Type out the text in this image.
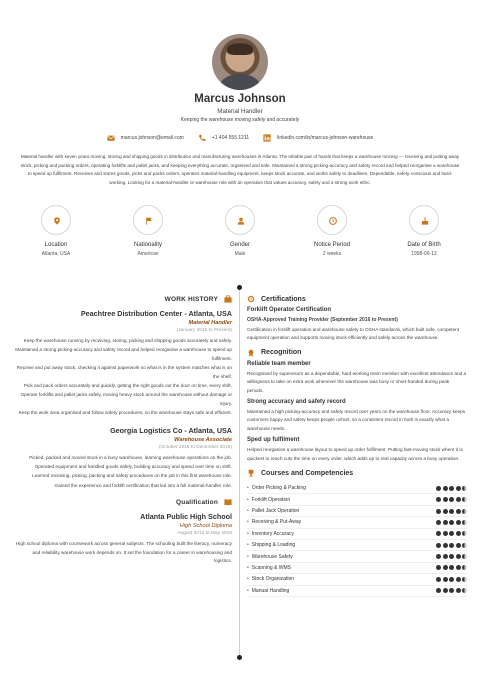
Marcus Johnson
Material Handler
Keeping the warehouse moving safely and accurately
marcus.johnson@email.com	+1 404 555 1211	linkedin.com/in/marcus-johnson-warehouse
Material handler with seven years moving, storing and shipping goods in distribution and manufacturing warehouses in Atlanta. The reliable pair of hands that keeps a warehouse running — receiving and putting away stock, picking and packing orders, operating forklifts and pallet jacks, and keeping everything accurate, organised and safe. Maintained a strong picking-accuracy and safety record and helped reorganise a warehouse to speed up fulfilment. Receives and stores goods, picks and packs orders, operates material-handling equipment, keeps stock accurate, and works safely to deadlines. Dependable, safety-conscious and hard-working. Looking for a material-handler or warehouse role with an operation that values accuracy, safety and a strong work ethic.
Location
Atlanta, USA
Nationality
American
Gender
Male
Notice Period
2 weeks
Date of Birth
1998-09-12
WORK HISTORY
Peachtree Distribution Center - Atlanta, USA
Material Handler
(January 2019 to Present)

Keep the warehouse running by receiving, storing, picking and shipping goods accurately and safely.

Maintained a strong picking-accuracy and safety record and helped reorganise a warehouse to speed up fulfilment.

Receive and put away stock, checking it against paperwork so what is in the system matches what is on the shelf.

Pick and pack orders accurately and quickly, getting the right goods out the door on time, every shift.

Operate forklifts and pallet jacks safely, moving heavy stock around the warehouse without damage or injury.

Keep the work area organised and follow safety procedures, so the warehouse stays safe and efficient.

Georgia Logistics Co - Atlanta, USA
Warehouse Associate
(October 2016 to December 2018)

Picked, packed and moved stock in a busy warehouse, learning warehouse operations on the job.

Operated equipment and handled goods safely, building accuracy and speed over time on shift.

Learned receiving, picking, packing and safety procedures on the job in this first warehouse role.

Gained the experience and forklift certification that led into a full material-handler role.

Qualification
Atlanta Public High School
High School Diploma
August 2012 to May 2016
High school diploma with coursework across general subjects. The schooling built the literacy, numeracy and reliability warehouse work depends on. It set the foundation for a career in warehousing and logistics.
Certifications
Forklift Operator Certification
OSHA-Approved Training Provider (September 2016 to Present)
Certification in forklift operation and warehouse safety to OSHA standards, which built safe, competent equipment operation and supports moving stock efficiently and safely across the warehouse.
Recognition
Reliable team member
Recognised by supervisors as a dependable, hard-working team member with excellent attendance and a willingness to take on extra work whenever the warehouse was busy or short-handed during peak periods.
Strong accuracy and safety record
Maintained a high picking-accuracy and safety record over years on the warehouse floor. Accuracy keeps customers happy and safety keeps people unhurt, so a consistent record in both is exactly what a warehouse needs.
Sped up fulfilment
Helped reorganise a warehouse layout to speed up order fulfilment. Putting fast-moving stock where it is quickest to reach cuts the time on every order, which adds up to real capacity across a busy operation.
Courses and Competencies
• Order Picking & Packing
• Forklift Operation
• Pallet Jack Operation
• Receiving & Put-Away
• Inventory Accuracy
• Shipping & Loading
• Warehouse Safety
• Scanning & WMS
• Stock Organization
• Manual Handling
